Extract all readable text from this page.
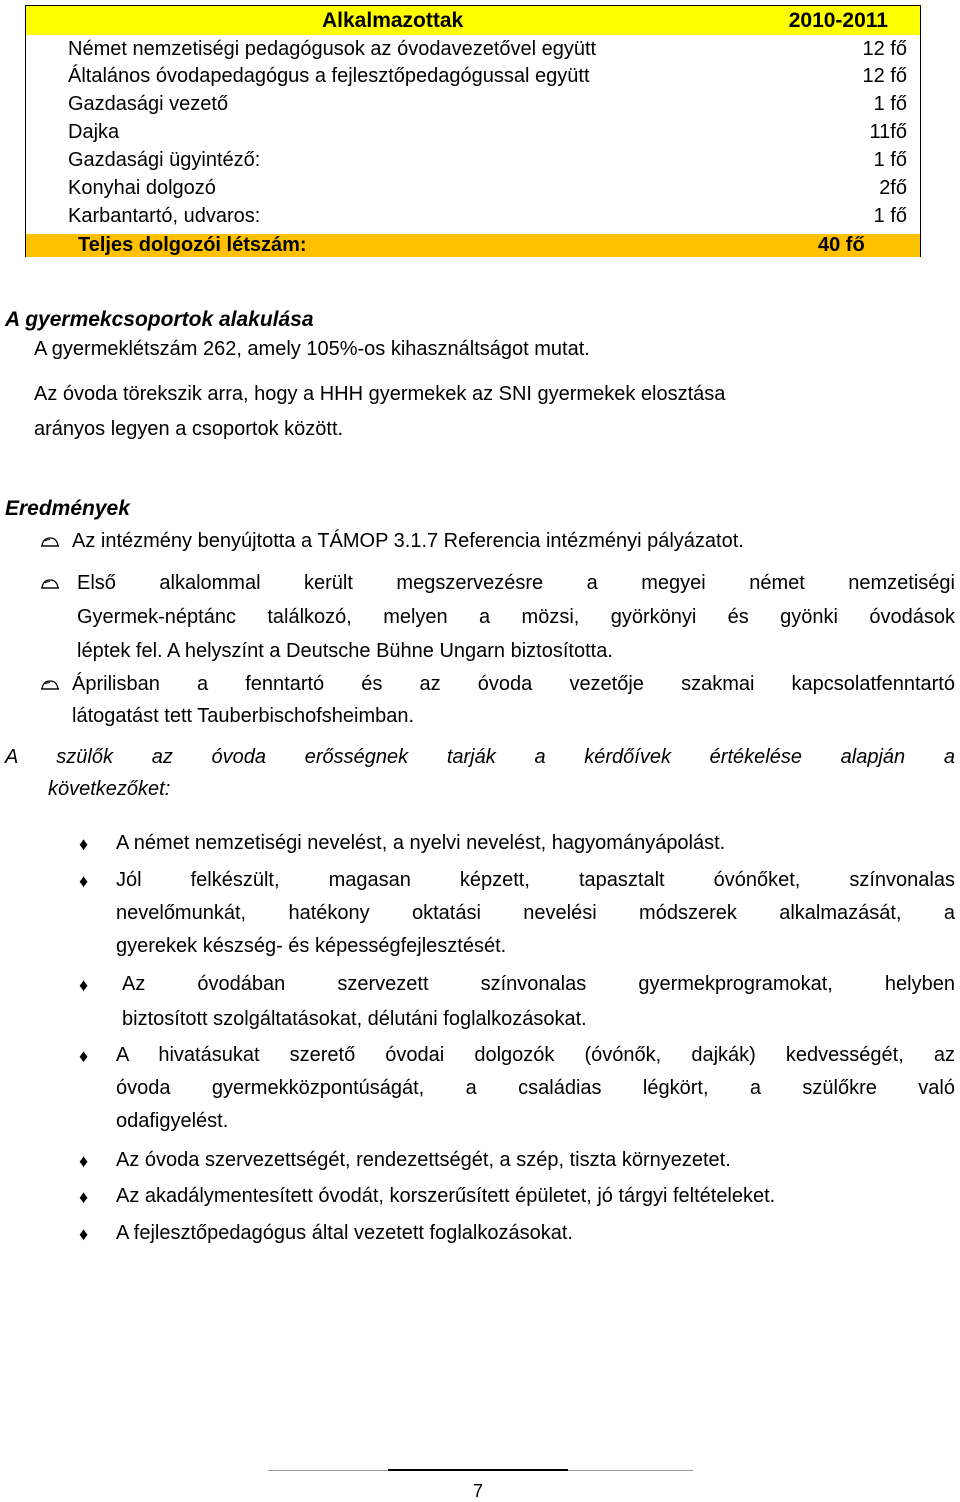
Alkalmazottak	2010-2011
Német nemzetiségi pedagógusok az óvodavezetővel együtt	12 fő
Általános óvodapedagógus a fejlesztőpedagógussal együtt	12 fő
Gazdasági vezető	1 fő
Dajka	11fő
Gazdasági ügyintéző:	1 fő
Konyhai dolgozó	2fő
Karbantartó, udvaros:	1 fő
Teljes dolgozói létszám:	40 fő
A gyermekcsoportok alakulása
A gyermeklétszám 262, amely 105%-os kihasználtságot mutat.
Az óvoda törekszik arra, hogy a HHH gyermekek az SNI gyermekek elosztása
arányos legyen a csoportok között.
Eredmények
Az intézmény benyújtotta a TÁMOP 3.1.7 Referencia intézményi pályázatot.
Első alkalommal került megszervezésre a megyei német nemzetiségi
Gyermek-néptánc találkozó, melyen a mözsi, györkönyi és gyönki óvodások
léptek fel. A helyszínt a Deutsche Bühne Ungarn biztosította.
Áprilisban a fenntartó és az óvoda vezetője szakmai kapcsolatfenntartó
látogatást tett Tauberbischofsheimban.
A szülők az óvoda erősségnek tarják a kérdőívek értékelése alapján a
következőket:
♦ A német nemzetiségi nevelést, a nyelvi nevelést, hagyományápolást.
♦ Jól felkészült, magasan képzett, tapasztalt óvónőket, színvonalas
nevelőmunkát, hatékony oktatási nevelési módszerek alkalmazását, a
gyerekek készség- és képességfejlesztését.
♦ Az óvodában szervezett színvonalas gyermekprogramokat, helyben
biztosított szolgáltatásokat, délutáni foglalkozásokat.
♦ A hivatásukat szerető óvodai dolgozók (óvónők, dajkák) kedvességét, az
óvoda gyermekközpontúságát, a családias légkört, a szülőkre való
odafigyelést.
♦ Az óvoda szervezettségét, rendezettségét, a szép, tiszta környezetet.
♦ Az akadálymentesített óvodát, korszerűsített épületet, jó tárgyi feltételeket.
♦ A fejlesztőpedagógus által vezetett foglalkozásokat.
7
